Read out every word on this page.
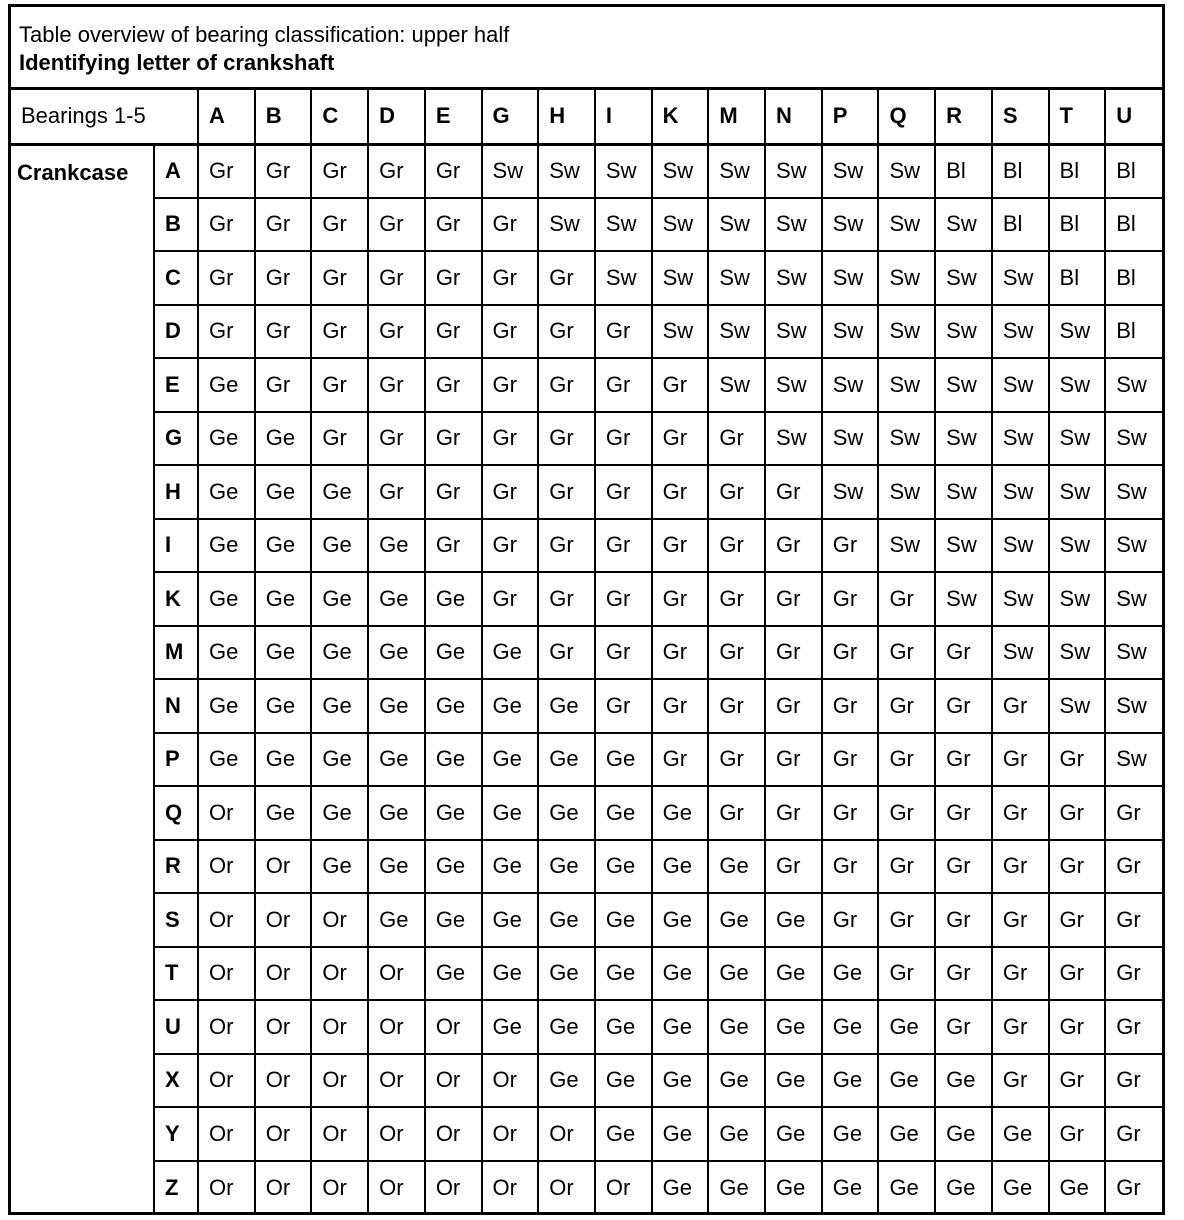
Table overview of bearing classification: upper half
Identifying letter of crankshaft
Bearings 1-5		A	B	C	D	E	G	H	I	K	M	N	P	Q	R	S	T	U
Crankcase	A	Gr	Gr	Gr	Gr	Gr	Sw	Sw	Sw	Sw	Sw	Sw	Sw	Sw	Bl	Bl	Bl	Bl
	B	Gr	Gr	Gr	Gr	Gr	Gr	Sw	Sw	Sw	Sw	Sw	Sw	Sw	Sw	Bl	Bl	Bl
	C	Gr	Gr	Gr	Gr	Gr	Gr	Gr	Sw	Sw	Sw	Sw	Sw	Sw	Sw	Sw	Bl	Bl
	D	Gr	Gr	Gr	Gr	Gr	Gr	Gr	Gr	Sw	Sw	Sw	Sw	Sw	Sw	Sw	Sw	Bl
	E	Ge	Gr	Gr	Gr	Gr	Gr	Gr	Gr	Gr	Sw	Sw	Sw	Sw	Sw	Sw	Sw	Sw
	G	Ge	Ge	Gr	Gr	Gr	Gr	Gr	Gr	Gr	Gr	Sw	Sw	Sw	Sw	Sw	Sw	Sw
	H	Ge	Ge	Ge	Gr	Gr	Gr	Gr	Gr	Gr	Gr	Gr	Sw	Sw	Sw	Sw	Sw	Sw
	I	Ge	Ge	Ge	Ge	Gr	Gr	Gr	Gr	Gr	Gr	Gr	Gr	Sw	Sw	Sw	Sw	Sw
	K	Ge	Ge	Ge	Ge	Ge	Gr	Gr	Gr	Gr	Gr	Gr	Gr	Gr	Sw	Sw	Sw	Sw
	M	Ge	Ge	Ge	Ge	Ge	Ge	Gr	Gr	Gr	Gr	Gr	Gr	Gr	Gr	Sw	Sw	Sw
	N	Ge	Ge	Ge	Ge	Ge	Ge	Ge	Gr	Gr	Gr	Gr	Gr	Gr	Gr	Gr	Sw	Sw
	P	Ge	Ge	Ge	Ge	Ge	Ge	Ge	Ge	Gr	Gr	Gr	Gr	Gr	Gr	Gr	Gr	Sw
	Q	Or	Ge	Ge	Ge	Ge	Ge	Ge	Ge	Ge	Gr	Gr	Gr	Gr	Gr	Gr	Gr	Gr
	R	Or	Or	Ge	Ge	Ge	Ge	Ge	Ge	Ge	Ge	Gr	Gr	Gr	Gr	Gr	Gr	Gr
	S	Or	Or	Or	Ge	Ge	Ge	Ge	Ge	Ge	Ge	Ge	Gr	Gr	Gr	Gr	Gr	Gr
	T	Or	Or	Or	Or	Ge	Ge	Ge	Ge	Ge	Ge	Ge	Ge	Gr	Gr	Gr	Gr	Gr
	U	Or	Or	Or	Or	Or	Ge	Ge	Ge	Ge	Ge	Ge	Ge	Ge	Gr	Gr	Gr	Gr
	X	Or	Or	Or	Or	Or	Or	Ge	Ge	Ge	Ge	Ge	Ge	Ge	Ge	Gr	Gr	Gr
	Y	Or	Or	Or	Or	Or	Or	Or	Ge	Ge	Ge	Ge	Ge	Ge	Ge	Ge	Gr	Gr
	Z	Or	Or	Or	Or	Or	Or	Or	Or	Ge	Ge	Ge	Ge	Ge	Ge	Ge	Ge	Gr
